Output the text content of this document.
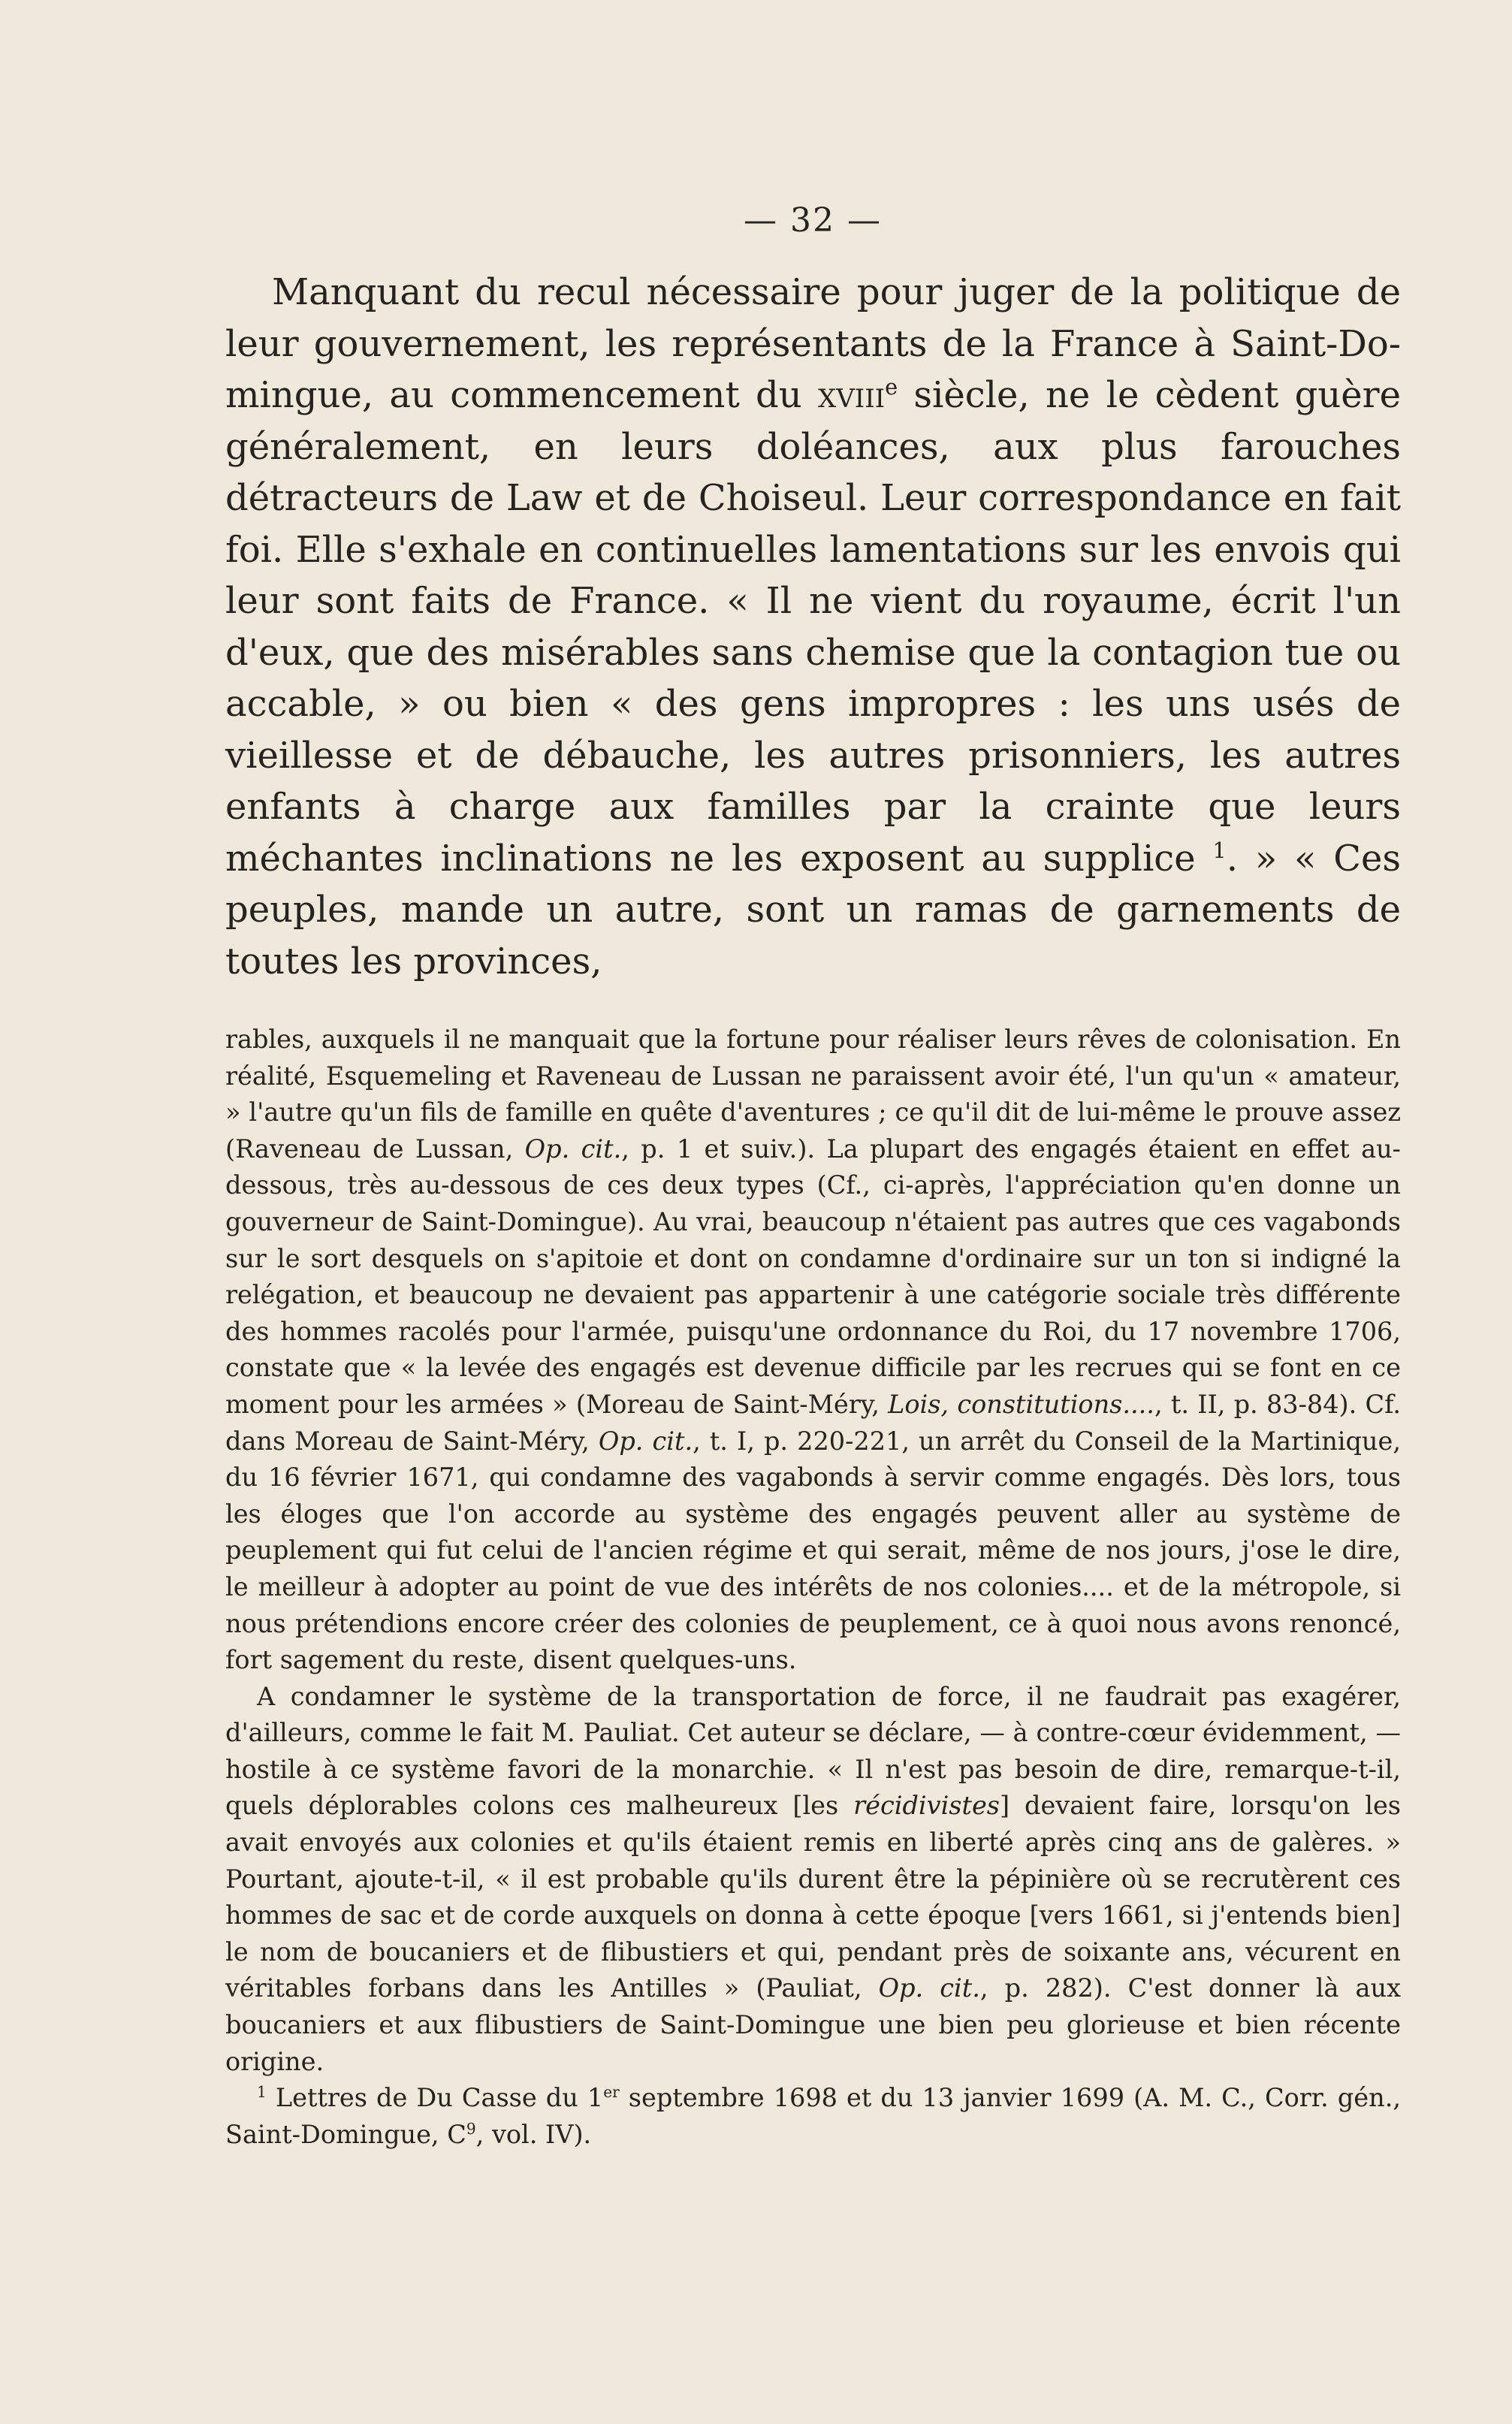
— 32 —

Manquant du recul nécessaire pour juger de la politique de leur gouvernement, les représentants de la France à Saint-Domingue, au commencement du xviii$^e$ siècle, ne le cèdent guère généralement, en leurs doléances, aux plus farouches détracteurs de Law et de Choiseul. Leur correspondance en fait foi. Elle s'exhale en continuelles lamentations sur les envois qui leur sont faits de France. « Il ne vient du royaume, écrit l'un d'eux, que des misérables sans chemise que la contagion tue ou accable, » ou bien « des gens impropres : les uns usés de vieillesse et de débauche, les autres prisonniers, les autres enfants à charge aux familles par la crainte que leurs méchantes inclinations ne les exposent au supplice $^1$. » « Ces peuples, mande un autre, sont un ramas de garnements de toutes les provinces,

rables, auxquels il ne manquait que la fortune pour réaliser leurs rêves de colonisation. En réalité, Esquemeling et Raveneau de Lussan ne paraissent avoir été, l'un qu'un « amateur, » l'autre qu'un fils de famille en quête d'aventures ; ce qu'il dit de lui-même le prouve assez (Raveneau de Lussan, Op. cit., p. 1 et suiv.). La plupart des engagés étaient en effet au-dessous, très au-dessous de ces deux types (Cf., ci-après, l'appréciation qu'en donne un gouverneur de Saint-Domingue). Au vrai, beaucoup n'étaient pas autres que ces vagabonds sur le sort desquels on s'apitoie et dont on condamne d'ordinaire sur un ton si indigné la relégation, et beaucoup ne devaient pas appartenir à une catégorie sociale très différente des hommes racolés pour l'armée, puisqu'une ordonnance du Roi, du 17 novembre 1706, constate que « la levée des engagés est devenue difficile par les recrues qui se font en ce moment pour les armées » (Moreau de Saint-Méry, Lois, constitutions...., t. II, p. 83-84). Cf. dans Moreau de Saint-Méry, Op. cit., t. I, p. 220-221, un arrêt du Conseil de la Martinique, du 16 février 1671, qui condamne des vagabonds à servir comme engagés. Dès lors, tous les éloges que l'on accorde au système des engagés peuvent aller au système de peuplement qui fut celui de l'ancien régime et qui serait, même de nos jours, j'ose le dire, le meilleur à adopter au point de vue des intérêts de nos colonies.... et de la métropole, si nous prétendions encore créer des colonies de peuplement, ce à quoi nous avons renoncé, fort sagement du reste, disent quelques-uns.

A condamner le système de la transportation de force, il ne faudrait pas exagérer, d'ailleurs, comme le fait M. Pauliat. Cet auteur se déclare, — à contre-cœur évidemment, — hostile à ce système favori de la monarchie. « Il n'est pas besoin de dire, remarque-t-il, quels déplorables colons ces malheureux [les récidivistes] devaient faire, lorsqu'on les avait envoyés aux colonies et qu'ils étaient remis en liberté après cinq ans de galères. » Pourtant, ajoute-t-il, « il est probable qu'ils durent être la pépinière où se recrutèrent ces hommes de sac et de corde auxquels on donna à cette époque [vers 1661, si j'entends bien] le nom de boucaniers et de flibustiers et qui, pendant près de soixante ans, vécurent en véritables forbans dans les Antilles » (Pauliat, Op. cit., p. 282). C'est donner là aux boucaniers et aux flibustiers de Saint-Domingue une bien peu glorieuse et bien récente origine.

$^1$ Lettres de Du Casse du 1er septembre 1698 et du 13 janvier 1699 (A. M. C., Corr. gén., Saint-Domingue, $C^9$, vol. IV).
